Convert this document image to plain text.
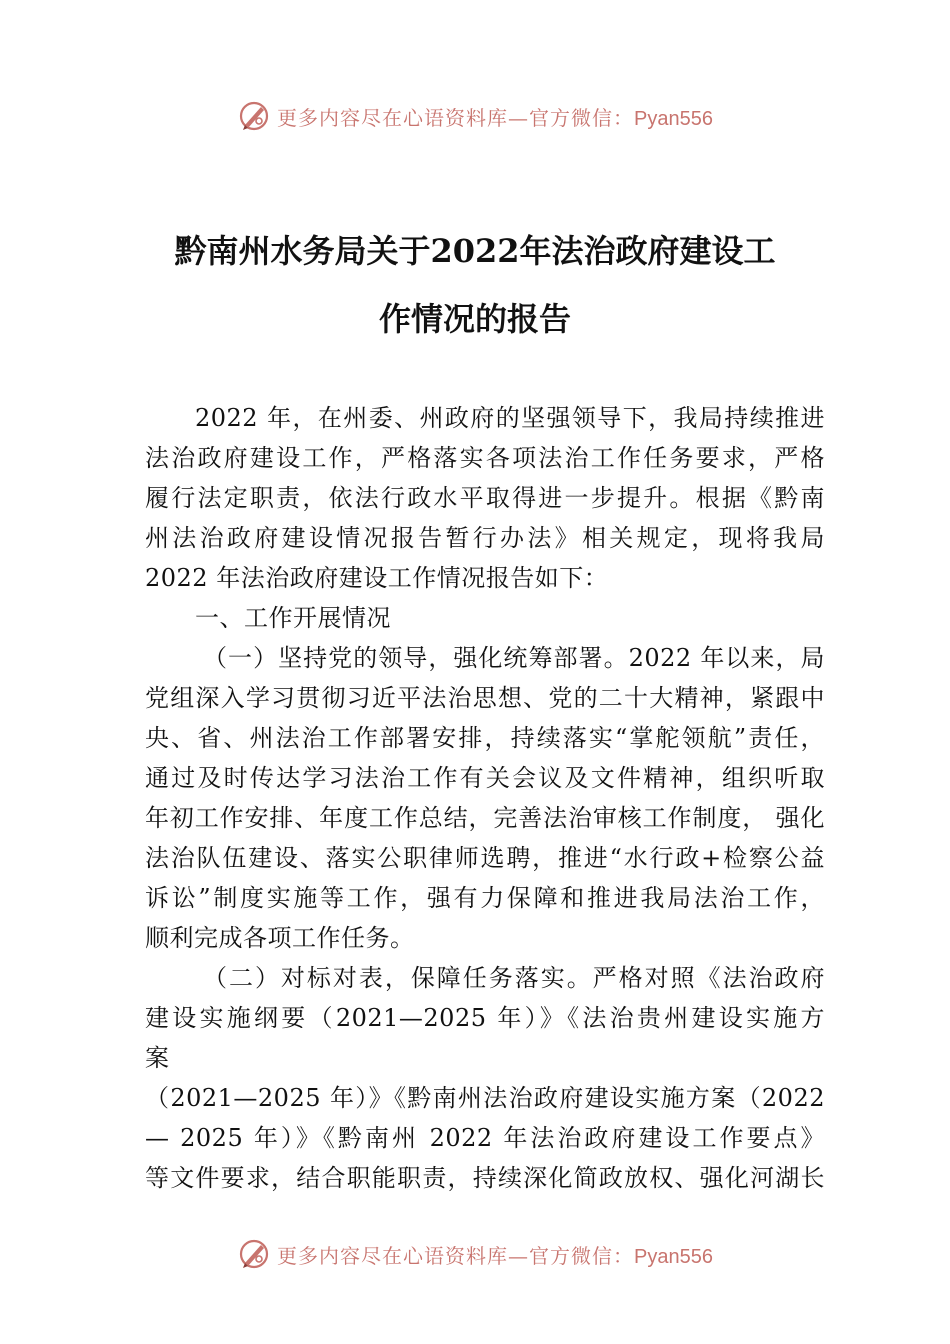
更多内容尽在心语资料库—官方微信：Pyan556
黔南州水务局关于2022年法治政府建设工
作情况的报告
2022 年，在州委、州政府的坚强领导下，我局持续推进
法治政府建设工作，严格落实各项法治工作任务要求，严格
履行法定职责，依法行政水平取得进一步提升。根据《黔南
州法治政府建设情况报告暂行办法》相关规定，现将我局
2022 年法治政府建设工作情况报告如下：
一、工作开展情况
（一）坚持党的领导，强化统筹部署。2022 年以来，局
党组深入学习贯彻习近平法治思想、党的二十大精神，紧跟中
央、省、州法治工作部署安排，持续落实“掌舵领航”责任，
通过及时传达学习法治工作有关会议及文件精神，组织听取
年初工作安排、年度工作总结，完善法治审核工作制度， 强化
法治队伍建设、落实公职律师选聘，推进“水行政+检察公益
诉讼”制度实施等工作，强有力保障和推进我局法治工作，
顺利完成各项工作任务。
（二）对标对表，保障任务落实。严格对照《法治政府
建设实施纲要（2021—2025 年）》《法治贵州建设实施方
案
（2021—2025 年）》《黔南州法治政府建设实施方案（2022
— 2025 年）》《黔南州 2022 年法治政府建设工作要点》
等文件要求，结合职能职责，持续深化简政放权、强化河湖长
更多内容尽在心语资料库—官方微信：Pyan556
